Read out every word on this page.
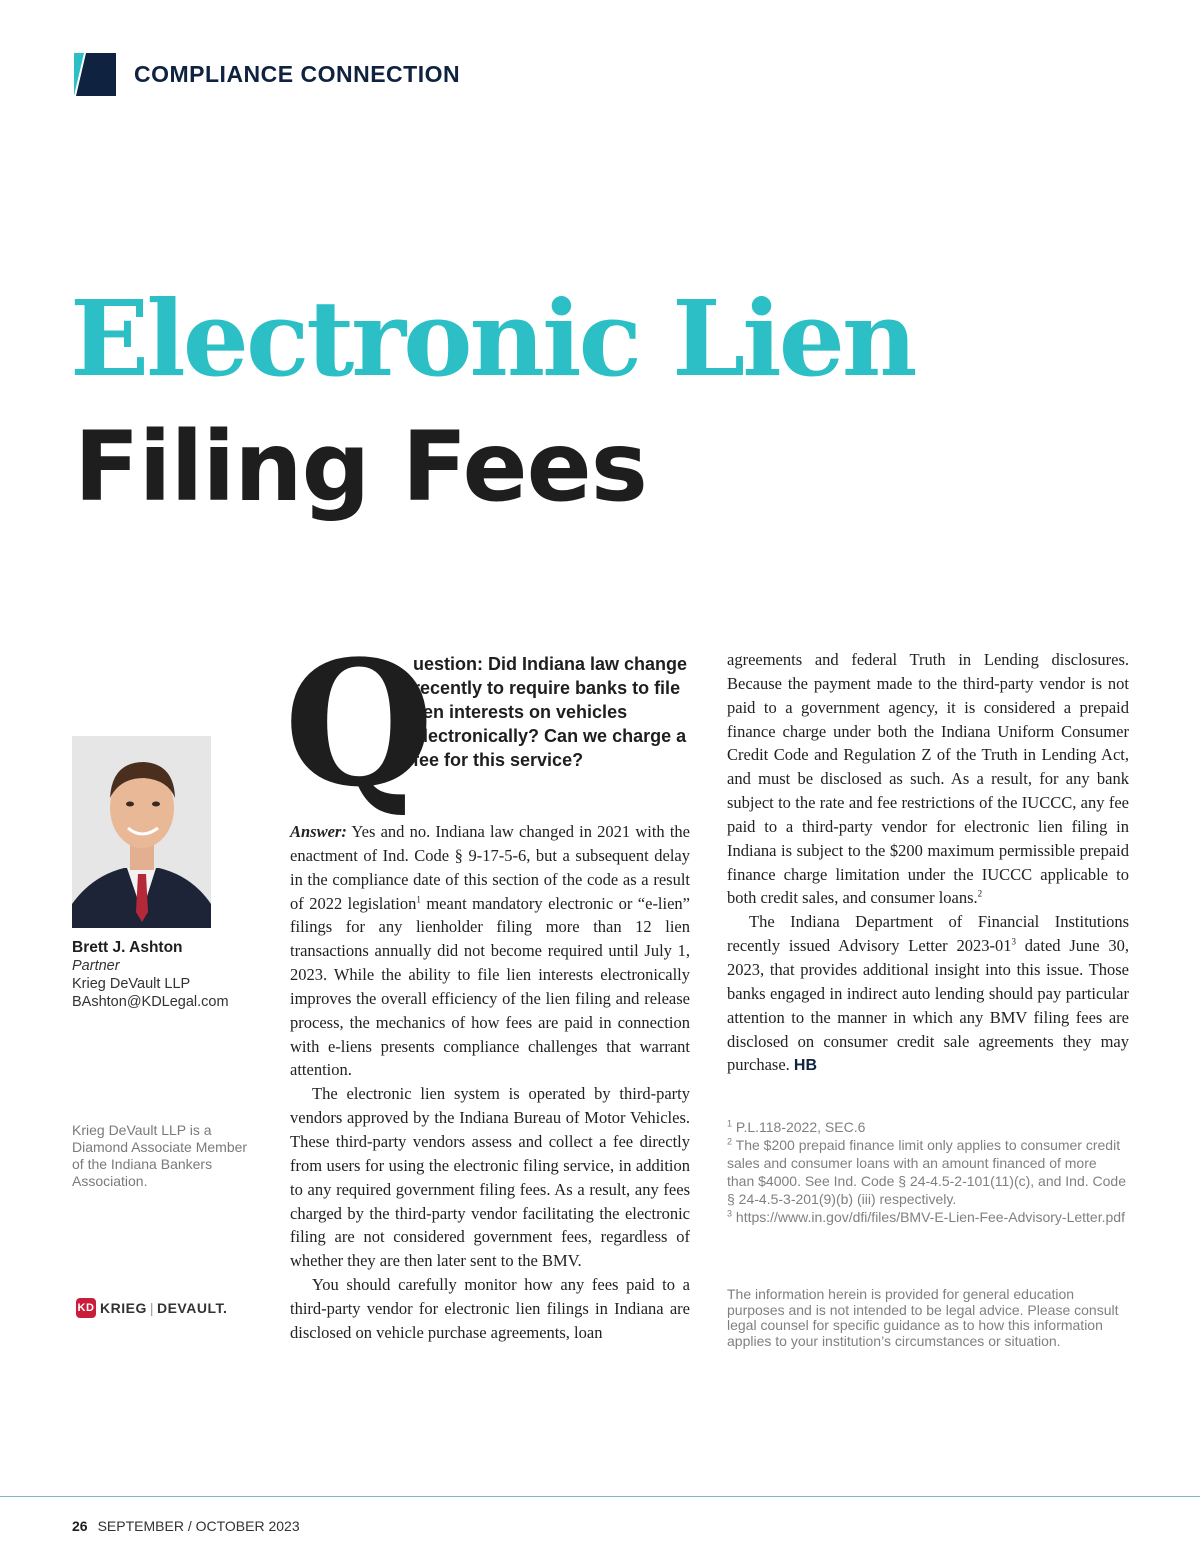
COMPLIANCE CONNECTION
Electronic Lien
Filing Fees
Brett J. Ashton
Partner
Krieg DeVault LLP
BAshton@KDLegal.com
Krieg DeVault LLP is a Diamond Associate Member of the Indiana Bankers Association.
KD KRIEG | DEVAULT.
Q
uestion: Did Indiana law change recently to require banks to file lien interests on vehicles electronically? Can we charge a fee for this service?

Answer: Yes and no. Indiana law changed in 2021 with the enactment of Ind. Code § 9-17-5-6, but a subsequent delay in the compliance date of this section of the code as a result of 2022 legislation$^1$ meant mandatory electronic or “e-lien” filings for any lienholder filing more than 12 lien transactions annually did not become required until July 1, 2023. While the ability to file lien interests electronically improves the overall efficiency of the lien filing and release process, the mechanics of how fees are paid in connection with e-liens presents compliance challenges that warrant attention.

The electronic lien system is operated by third-party vendors approved by the Indiana Bureau of Motor Vehicles. These third-party vendors assess and collect a fee directly from users for using the electronic filing service, in addition to any required government filing fees. As a result, any fees charged by the third-party vendor facilitating the electronic filing are not considered government fees, regardless of whether they are then later sent to the BMV.

You should carefully monitor how any fees paid to a third-party vendor for electronic lien filings in Indiana are disclosed on vehicle purchase agreements, loan

agreements and federal Truth in Lending disclosures. Because the payment made to the third-party vendor is not paid to a government agency, it is considered a prepaid finance charge under both the Indiana Uniform Consumer Credit Code and Regulation Z of the Truth in Lending Act, and must be disclosed as such. As a result, for any bank subject to the rate and fee restrictions of the IUCCC, any fee paid to a third-party vendor for electronic lien filing in Indiana is subject to the $200 maximum permissible prepaid finance charge limitation under the IUCCC applicable to both credit sales, and consumer loans.$^2$

The Indiana Department of Financial Institutions recently issued Advisory Letter $2023-01^3$ dated June 30, 2023, that provides additional insight into this issue. Those banks engaged in indirect auto lending should pay particular attention to the manner in which any BMV filing fees are disclosed on consumer credit sale agreements they may purchase. HB

$^1$ P.L.118-2022, SEC.6

$^2$ The $200 prepaid finance limit only applies to consumer credit sales and consumer loans with an amount financed of more than $4000. See Ind. Code § 24-4.5-2-101(11)(c), and Ind. Code § 24-4.5-3-201(9)(b) (iii) respectively.

$^3$ https://www.in.gov/dfi/files/BMV-E-Lien-Fee-Advisory-Letter.pdf

The information herein is provided for general education purposes and is not intended to be legal advice. Please consult legal counsel for specific guidance as to how this information applies to your institution’s circumstances or situation.
26 SEPTEMBER / OCTOBER 2023
